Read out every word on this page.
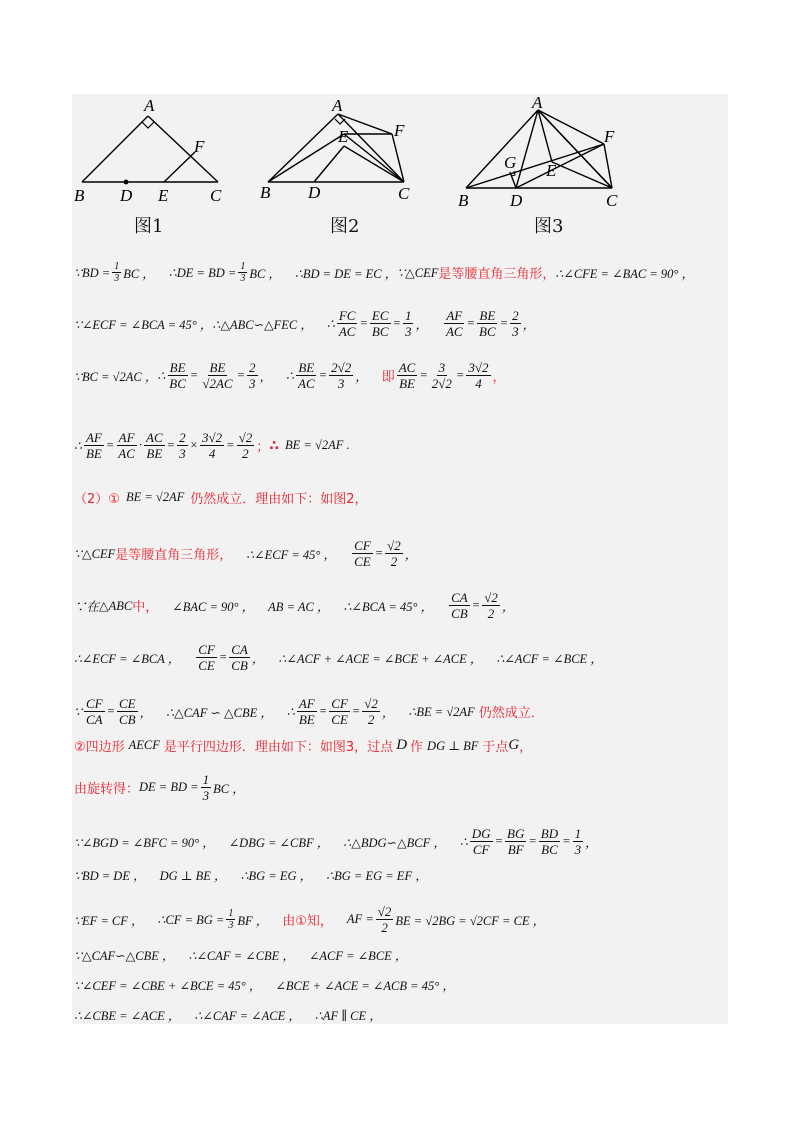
A
B D E C
F
图1
A
E	F
B D	C
图2
A
F
G E
B D	C
图3
∵BD = $\frac{1}{3}$ BC ， ∴DE = BD = $\frac{1}{3}$ BC ， ∴BD = DE = EC ， ∵△CEF 是等腰直角三角形， ∴∠CFE = ∠BAC = 90° ，
∵∠ECF = ∠BCA = 45° ， ∴△ABC∽△FEC ， ∴ $\frac{FC}{AC} = \frac{EC}{BC} = \frac{1}{3}$ ， $\frac{AF}{AC} = \frac{BE}{BC} = \frac{2}{3}$ ，
∵BC = √2AC ， ∴ $\frac{BE}{BC} = \frac{BE}{√2AC} = \frac{2}{3}$ ， ∴ $\frac{BE}{AC} = \frac{2√2}{3}$ ， 即 $\frac{AC}{BE} = \frac{3}{2√2} = \frac{3√2}{4}$ ，
∴ $\frac{AF}{BE} = \frac{AF}{AC} \cdot \frac{AC}{BE} = \frac{2}{3} \times \frac{3√2}{4} = \frac{√2}{2}$ ； ∴ BE = √2AF .
（2）① BE = √2AF 仍然成立．理由如下：如图2，
∵△CEF 是等腰直角三角形， ∴∠ECF = 45° ， $\frac{CF}{CE} = \frac{√2}{2}$ ，
∵在 △ABC 中， ∠BAC = 90° ， AB = AC ， ∴∠BCA = 45° ， $\frac{CA}{CB} = \frac{√2}{2}$ ，
∴∠ECF = ∠BCA ， $\frac{CF}{CE} = \frac{CA}{CB}$ ， ∴∠ACF + ∠ACE = ∠BCE + ∠ACE ， ∴∠ACF = ∠BCE ，
∵ $\frac{CF}{CA} = \frac{CE}{CB}$ ， ∴△CAF ∽ △CBE ， ∴ $\frac{AF}{BE} = \frac{CF}{CE} = \frac{√2}{2}$ ， ∴BE = √2AF 仍然成立．
②四边形 AECF 是平行四边形．理由如下：如图3，过点 D 作 DG ⊥ BF 于点 G ，
由旋转得： DE = BD = $\frac{1}{3}$ BC ，
∵∠BGD = ∠BFC = 90° ， ∠DBG = ∠CBF ， ∴△BDG∽△BCF ， ∴ $\frac{DG}{CF} = \frac{BG}{BF} = \frac{BD}{BC} = \frac{1}{3}$ ，
∵BD = DE ， DG ⊥ BE ， ∴BG = EG ， ∴BG = EG = EF ，
∵EF = CF ， ∴CF = BG = $\frac{1}{3}$ BF ， 由①知， AF = $\frac{√2}{2}$ BE = √2BG = √2CF = CE ，
∵△CAF∽△CBE ， ∴∠CAF = ∠CBE ， ∠ACF = ∠BCE ，
∵∠CEF = ∠CBE + ∠BCE = 45° ， ∠BCE + ∠ACE = ∠ACB = 45° ，
∴∠CBE = ∠ACE ， ∴∠CAF = ∠ACE ， ∴AF ∥ CE ，
